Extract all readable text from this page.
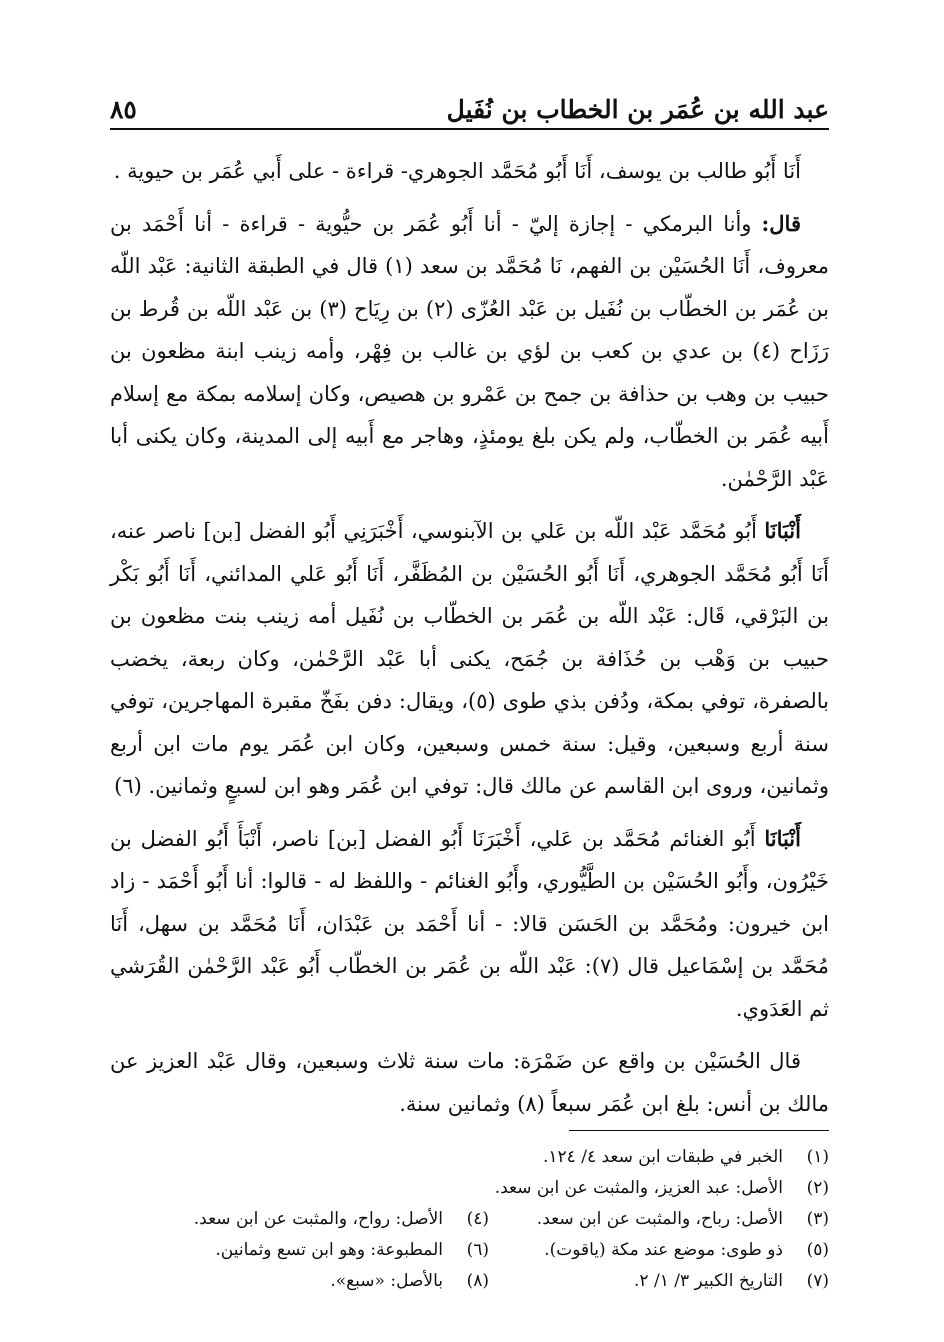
عبد الله بن عُمَر بن الخطاب بن نُفَيل
٨٥

أَنَا أَبُو طالب بن يوسف، أَنَا أَبُو مُحَمَّد الجوهري- قراءة - على أَبي عُمَر بن حيوية .

قال: وأنا البرمكي - إجازة إليّ - أنا أَبُو عُمَر بن حيُّوية - قراءة - أنا أَحْمَد بن معروف، أَنَا الحُسَيْن بن الفهم، نَا مُحَمَّد بن سعد (١) قال في الطبقة الثانية: عَبْد اللّه بن عُمَر بن الخطّاب بن نُفَيل بن عَبْد العُزّى (٢) بن رِيَاح (٣) بن عَبْد اللّه بن قُرط بن رَزَاح (٤) بن عدي بن كعب بن لؤي بن غالب بن فِهْر، وأمه زينب ابنة مظعون بن حبيب بن وهب بن حذافة بن جمح بن عَمْرو بن هصيص، وكان إسلامه بمكة مع إسلام أَبيه عُمَر بن الخطّاب، ولم يكن بلغ يومئذٍ، وهاجر مع أَبيه إلى المدينة، وكان يكنى أبا عَبْد الرَّحْمٰن.

أَنْبَانَا أَبُو مُحَمَّد عَبْد اللّه بن عَلي بن الآبنوسي، أَخْبَرَنِي أَبُو الفضل [بن] ناصر عنه، أَنَا أَبُو مُحَمَّد الجوهري، أَنَا أَبُو الحُسَيْن بن المُظَفَّر، أَنَا أَبُو عَلي المدائني، أَنَا أَبُو بَكْر بن البَرْقي، قَال: عَبْد اللّه بن عُمَر بن الخطّاب بن نُفَيل أمه زينب بنت مظعون بن حبيب بن وَهْب بن حُذَافة بن جُمَح، يكنى أبا عَبْد الرَّحْمٰن، وكان ربعة، يخضب بالصفرة، توفي بمكة، ودُفن بذي طوى (٥)، ويقال: دفن بفَخّ مقبرة المهاجرين، توفي سنة أربع وسبعين، وقيل: سنة خمس وسبعين، وكان ابن عُمَر يوم مات ابن أربع وثمانين، وروى ابن القاسم عن مالك قال: توفي ابن عُمَر وهو ابن لسبعٍ وثمانين. (٦)

أَنْبَانَا أَبُو الغنائم مُحَمَّد بن عَلي، أَخْبَرَنَا أَبُو الفضل [بن] ناصر، أَنْبَأَ أَبُو الفضل بن خَيْرُون، وأَبُو الحُسَيْن بن الطَّيُّوري، وأَبُو الغنائم - واللفظ له - قالوا: أنا أَبُو أَحْمَد - زاد ابن خيرون: ومُحَمَّد بن الحَسَن قالا: - أنا أَحْمَد بن عَبْدَان، أَنَا مُحَمَّد بن سهل، أَنَا مُحَمَّد بن إسْمَاعيل قال (٧): عَبْد اللّه بن عُمَر بن الخطّاب أَبُو عَبْد الرَّحْمٰن القُرَشي ثم العَدَوي.

قال الحُسَيْن بن واقع عن ضَمْرَة: مات سنة ثلاث وسبعين، وقال عَبْد العزيز عن مالك بن أنس: بلغ ابن عُمَر سبعاً (٨) وثمانين سنة.

(١)
الخبر في طبقات ابن سعد ٤/ ١٢٤.
(٢)
الأصل: عبد العزيز، والمثبت عن ابن سعد.
(٣)
الأصل: رباح، والمثبت عن ابن سعد.
(٤)
الأصل: رواح، والمثبت عن ابن سعد.
(٥)
ذو طوى: موضع عند مكة (ياقوت).
(٦)
المطبوعة: وهو ابن تسع وثمانين.
(٧)
التاريخ الكبير ٣/ ١/ ٢.
(٨)
بالأصل: «سبع».
